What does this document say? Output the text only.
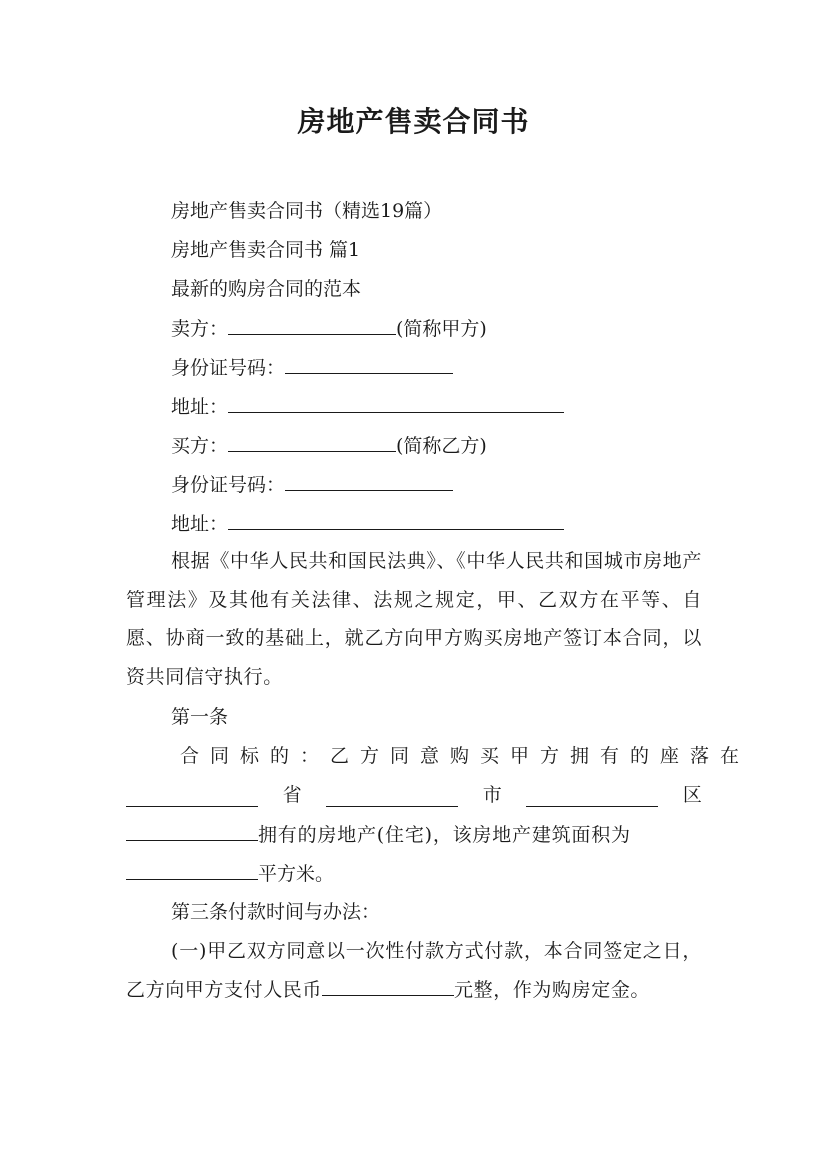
房地产售卖合同书
房地产售卖合同书（精选19篇）
房地产售卖合同书 篇1
最新的购房合同的范本
卖方：	(简称甲方)
身份证号码：
地址：
买方：	(简称乙方)
身份证号码：
地址：
根据《中华人民共和国民法典》、《中华人民共和国城市房地产管理法》及其他有关法律、法规之规定，甲、乙双方在平等、自愿、协商一致的基础上，就乙方向甲方购买房地产签订本合同，以资共同信守执行。
第一条
合同标的：乙方同意购买甲方拥有的座落在
省	市	区
拥有的房地产(住宅)，该房地产建筑面积为
平方米。
第三条付款时间与办法：
(一)甲乙双方同意以一次性付款方式付款，本合同签定之日，乙方向甲方支付人民币	元整，作为购房定金。
